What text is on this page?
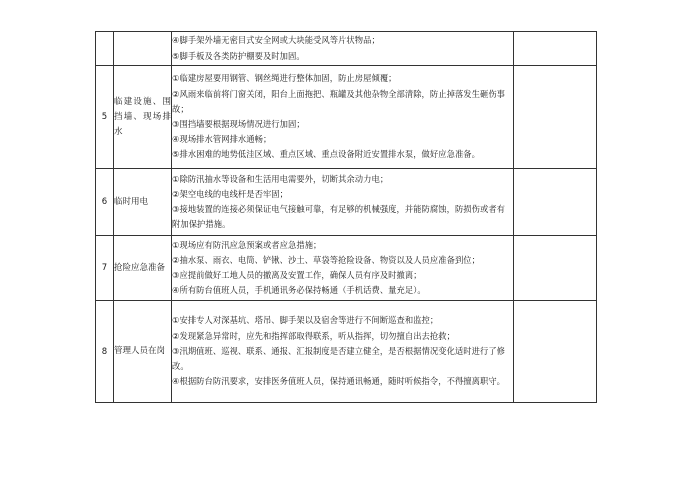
		④脚手架外墙无密目式安全网或大块能受风等片状物品；
⑤脚手板及各类防护棚要及时加固。	

5	临建设施、围挡墙、现场排水	①临建房屋要用钢管、钢丝绳进行整体加固，防止房屋倾覆；
②风雨来临前将门窗关闭，阳台上面拖把、瓶罐及其他杂物全部清除，防止掉落发生砸伤事故；
③围挡墙要根据现场情况进行加固；
④现场排水管网排水通畅；
⑤排水困难的地势低洼区域、重点区域、重点设备附近安置排水泵，做好应急准备。	

6	临时用电	①除防汛抽水等设备和生活用电需要外，切断其余动力电；
②架空电线的电线杆是否牢固；
③接地装置的连接必须保证电气接触可靠，有足够的机械强度，并能防腐蚀，防损伤或者有附加保护措施。	

7	抢险应急准备	①现场应有防汛应急预案或者应急措施；
②抽水泵、雨衣、电筒、铲锹、沙土、草袋等抢险设备、物资以及人员应准备到位；
③应提前做好工地人员的撤离及安置工作，确保人员有序及时撤离；
④所有防台值班人员，手机通讯务必保持畅通（手机话费、量充足）。	

8	管理人员在岗	①安排专人对深基坑、塔吊、脚手架以及宿舍等进行不间断巡查和监控；
②发现紧急异常时，应先和指挥部取得联系，听从指挥，切勿擅自出去抢救；
③汛期值班、巡视、联系、通报、汇报制度是否建立健全，是否根据情况变化适时进行了修改。
④根据防台防汛要求，安排医务值班人员，保持通讯畅通，随时听候指令，不得擅离职守。	
